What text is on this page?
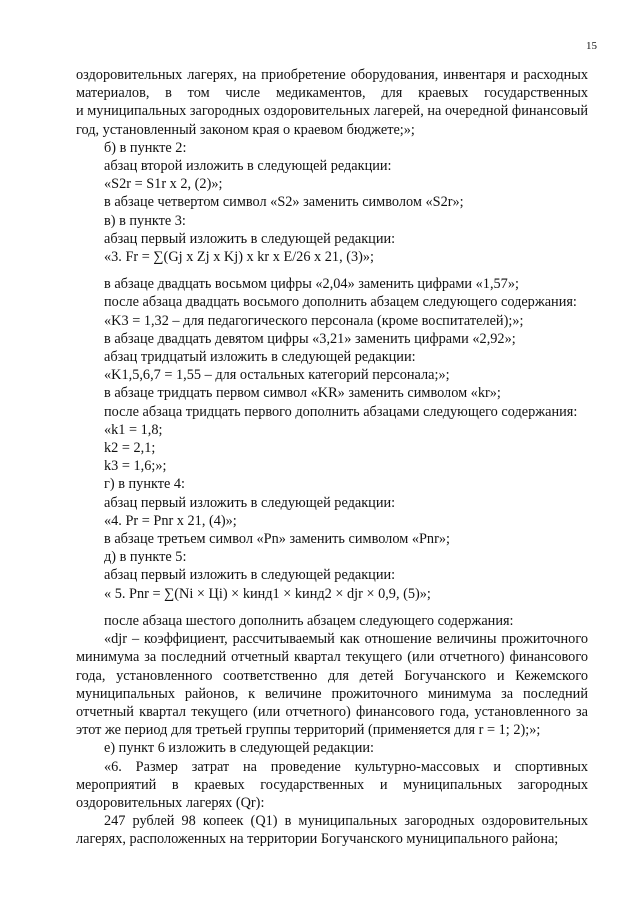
15

оздоровительных лагерях, на приобретение оборудования, инвентаря и расходных

материалов, в том числе медикаментов, для краевых государственных

и муниципальных загородных оздоровительных лагерей, на очередной финансовый

год, установленный законом края о краевом бюджете;»;

б) в пункте 2:

абзац второй изложить в следующей редакции:

«S2r = S1r x 2, (2)»;

в абзаце четвертом символ «S2» заменить символом «S2r»;

в) в пункте 3:

абзац первый изложить в следующей редакции:

«3. Fr = ∑(Gj x Zj x Kj) x kr x E/26 x 21, (3)»;

в абзаце двадцать восьмом цифры «2,04» заменить цифрами «1,57»;

после абзаца двадцать восьмого дополнить абзацем следующего содержания:

«K3 = 1,32 – для педагогического персонала (кроме воспитателей);»;

в абзаце двадцать девятом цифры «3,21» заменить цифрами «2,92»;

абзац тридцатый изложить в следующей редакции:

«K1,5,6,7 = 1,55 – для остальных категорий персонала;»;

в абзаце тридцать первом символ «KR» заменить символом «kr»;

после абзаца тридцать первого дополнить абзацами следующего содержания:

«k1 = 1,8;

k2 = 2,1;

k3 = 1,6;»;

г) в пункте 4:

абзац первый изложить в следующей редакции:

«4. Pr = Pnr x 21, (4)»;

в абзаце третьем символ «Pn» заменить символом «Pnr»;

д) в пункте 5:

абзац первый изложить в следующей редакции:

« 5. Pnr = ∑(Ni × Ці) × kинд1 × kинд2 × djr × 0,9, (5)»;

после абзаца шестого дополнить абзацем следующего содержания:

«djr – коэффициент, рассчитываемый как отношение величины прожиточного

минимума за последний отчетный квартал текущего (или отчетного) финансового

года, установленного соответственно для детей Богучанского и Кежемского

муниципальных районов, к величине прожиточного минимума за последний

отчетный квартал текущего (или отчетного) финансового года, установленного за

этот же период для третьей группы территорий (применяется для r = 1; 2);»;

е) пункт 6 изложить в следующей редакции:

«6. Размер затрат на проведение культурно-массовых и спортивных

мероприятий в краевых государственных и муниципальных загородных

оздоровительных лагерях (Qr):

247 рублей 98 копеек (Q1) в муниципальных загородных оздоровительных

лагерях, расположенных на территории Богучанского муниципального района;
